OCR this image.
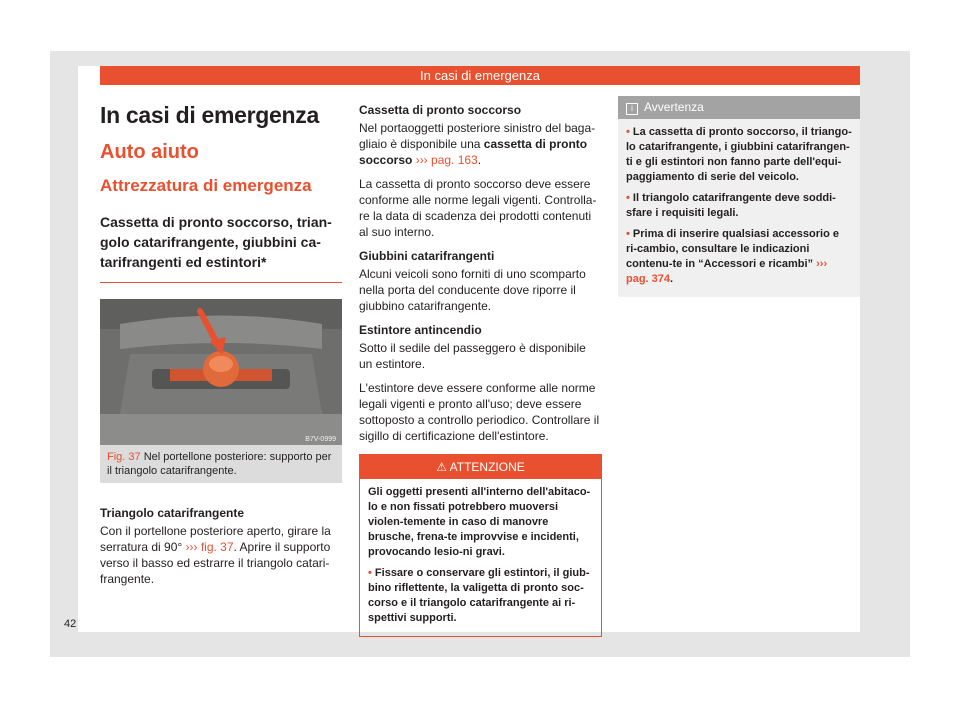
In casi di emergenza
In casi di emergenza
Auto aiuto
Attrezzatura di emergenza
Cassetta di pronto soccorso, trian-golo catarifrangente, giubbini ca-tarifrangenti ed estintori*
B7V-0999
Fig. 37 Nel portellone posteriore: supporto per il triangolo catarifrangente.
Triangolo catarifrangente

Con il portellone posteriore aperto, girare la serratura di 90° ››› fig. 37. Aprire il supporto verso il basso ed estrarre il triangolo catari-frangente.

Cassetta di pronto soccorso

Nel portaoggetti posteriore sinistro del baga-gliaio è disponibile una cassetta di pronto soccorso ››› pag. 163.

La cassetta di pronto soccorso deve essere conforme alle norme legali vigenti. Controlla-re la data di scadenza dei prodotti contenuti al suo interno.

Giubbini catarifrangenti

Alcuni veicoli sono forniti di uno scomparto nella porta del conducente dove riporre il giubbino catarifrangente.

Estintore antincendio

Sotto il sedile del passeggero è disponibile un estintore.

L'estintore deve essere conforme alle norme legali vigenti e pronto all'uso; deve essere sottoposto a controllo periodico. Controllare il sigillo di certificazione dell'estintore.

⚠ ATTENZIONE

Gli oggetti presenti all'interno dell'abitaco-lo e non fissati potrebbero muoversi violen-temente in caso di manovre brusche, frena-te improvvise e incidenti, provocando lesio-ni gravi.

• Fissare o conservare gli estintori, il giub-bino riflettente, la valigetta di pronto soc-corso e il triangolo catarifrangente ai ri-spettivi supporti.

i Avvertenza

• La cassetta di pronto soccorso, il triango-lo catarifrangente, i giubbini catarifrangen-ti e gli estintori non fanno parte dell'equi-paggiamento di serie del veicolo.

• Il triangolo catarifrangente deve soddi-sfare i requisiti legali.

• Prima di inserire qualsiasi accessorio e ri-cambio, consultare le indicazioni contenu-te in “Accessori e ricambi” ››› pag. 374.

42
